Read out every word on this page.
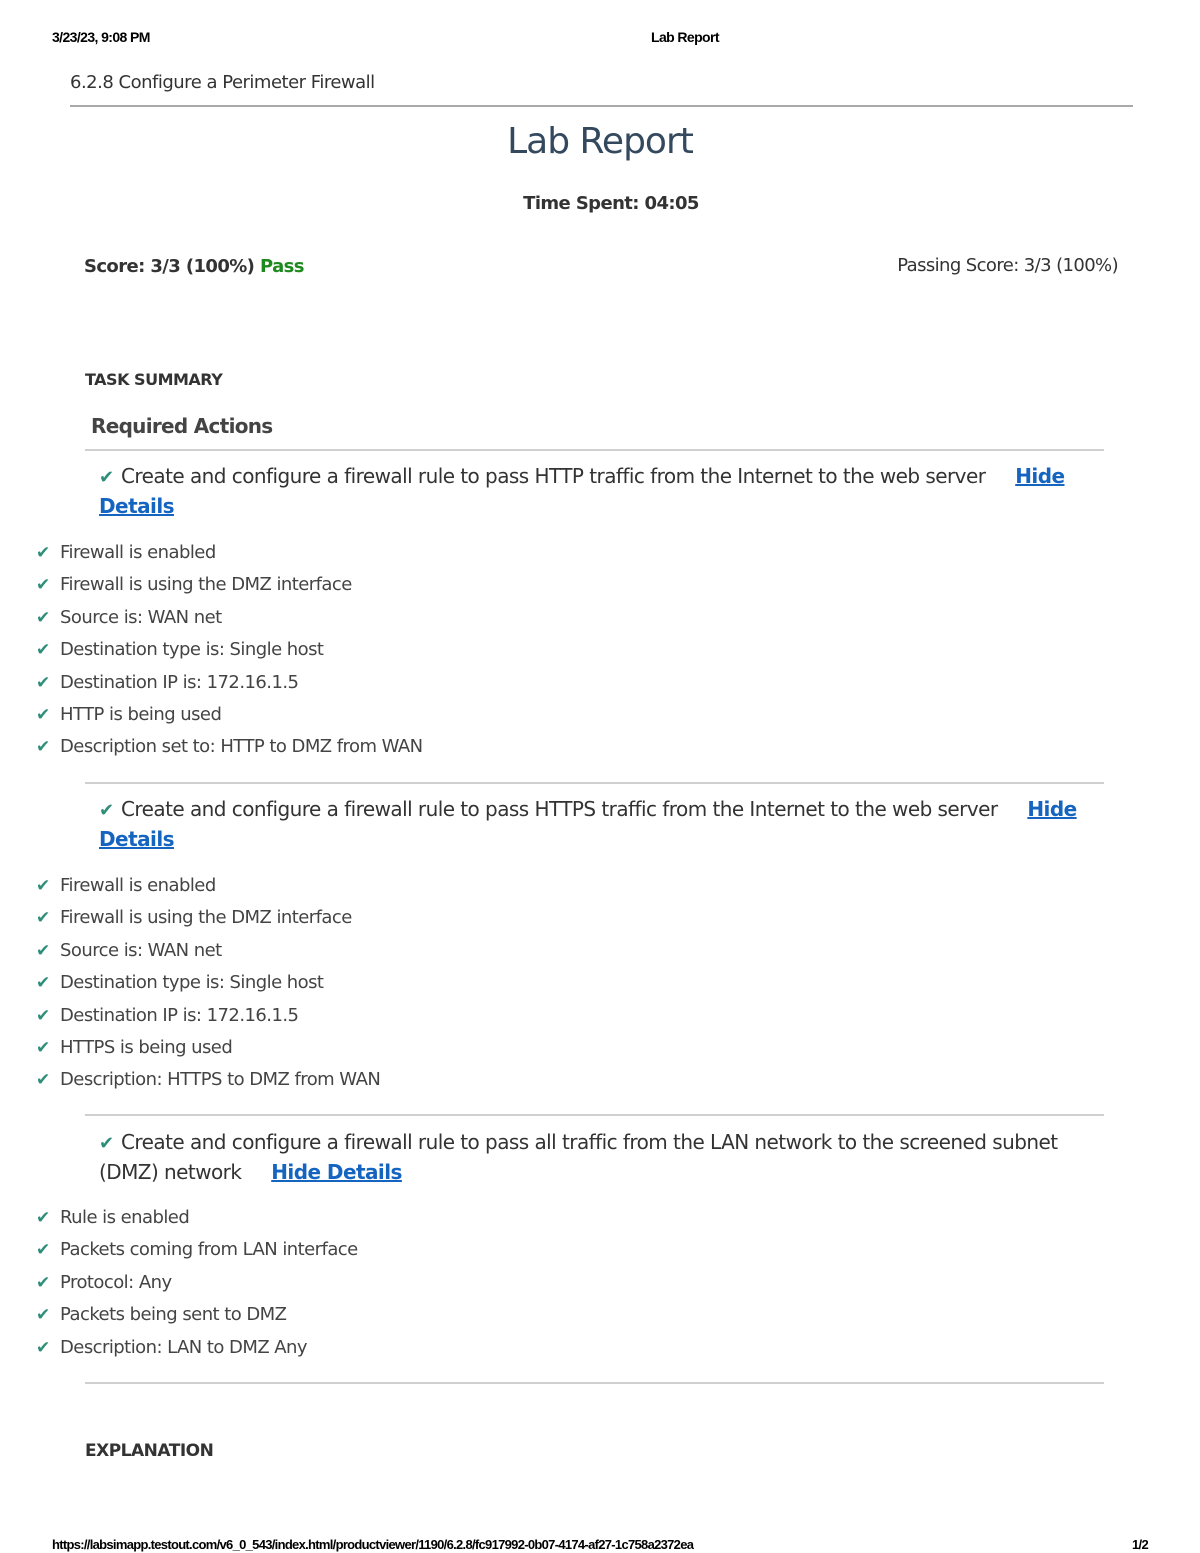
3/23/23, 9:08 PM	Lab Report
6.2.8 Configure a Perimeter Firewall
Lab Report
Time Spent: 04:05
Score: 3/3 (100%) Pass	Passing Score: 3/3 (100%)
TASK SUMMARY
Required Actions
✔ Create and configure a firewall rule to pass HTTP traffic from the Internet to the web server Hide Details
✔ Firewall is enabled
✔ Firewall is using the DMZ interface
✔ Source is: WAN net
✔ Destination type is: Single host
✔ Destination IP is: 172.16.1.5
✔ HTTP is being used
✔ Description set to: HTTP to DMZ from WAN
✔ Create and configure a firewall rule to pass HTTPS traffic from the Internet to the web server Hide Details
✔ Firewall is enabled
✔ Firewall is using the DMZ interface
✔ Source is: WAN net
✔ Destination type is: Single host
✔ Destination IP is: 172.16.1.5
✔ HTTPS is being used
✔ Description: HTTPS to DMZ from WAN
✔ Create and configure a firewall rule to pass all traffic from the LAN network to the screened subnet (DMZ) network Hide Details
✔ Rule is enabled
✔ Packets coming from LAN interface
✔ Protocol: Any
✔ Packets being sent to DMZ
✔ Description: LAN to DMZ Any
EXPLANATION
https://labsimapp.testout.com/v6_0_543/index.html/productviewer/1190/6.2.8/fc917992-0b07-4174-af27-1c758a2372ea	1/2
